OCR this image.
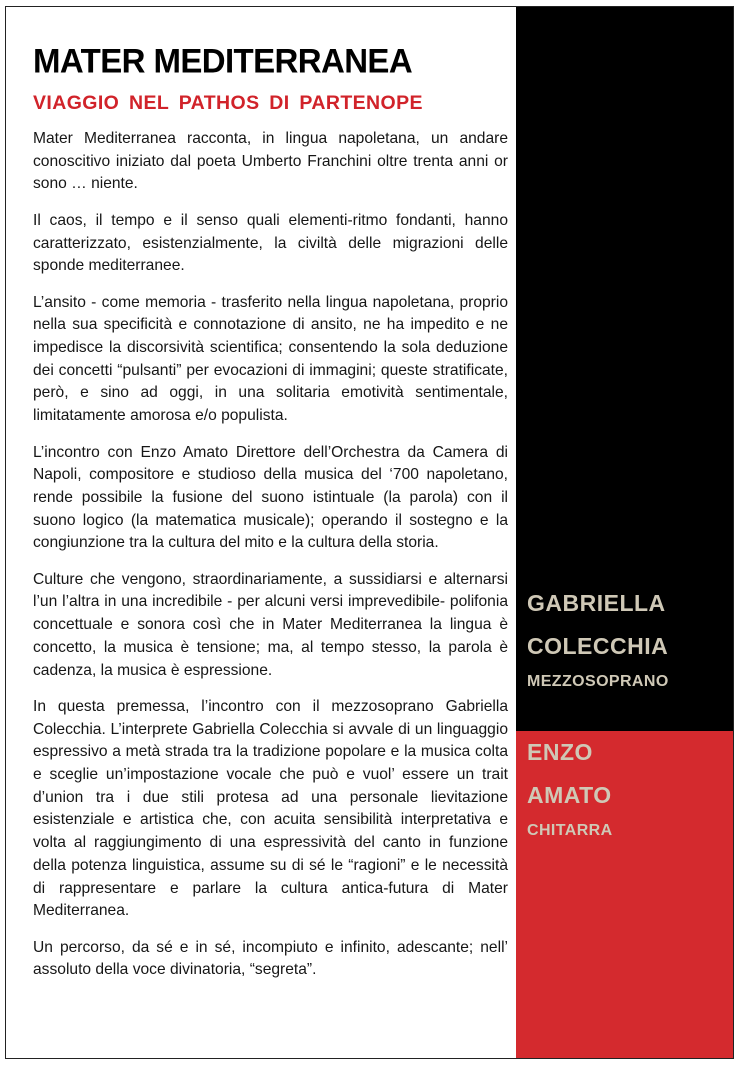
MATER MEDITERRANEA
VIAGGIO NEL PATHOS DI PARTENOPE

Mater Mediterranea racconta, in lingua napoletana, un andare conoscitivo iniziato dal poeta Umberto Franchini oltre trenta anni or sono … niente.

Il caos, il tempo e il senso quali elementi-ritmo fondanti, hanno caratterizzato, esistenzialmente, la civiltà delle migrazioni delle sponde mediterranee.

L’ansito - come memoria - trasferito nella lingua napoletana, proprio nella sua specificità e connotazione di ansito, ne ha impedito e ne impedisce la discorsività scientifica; consentendo la sola deduzione dei concetti “pulsanti” per evocazioni di immagini; queste stratificate, però, e sino ad oggi, in una solitaria emotività sentimentale, limitatamente amorosa e/o populista.

L’incontro con Enzo Amato Direttore dell’Orchestra da Camera di Napoli, compositore e studioso della musica del ‘700 napoletano, rende possibile la fusione del suono istintuale (la parola) con il suono logico (la matematica musicale); operando il sostegno e la congiunzione tra la cultura del mito e la cultura della storia.

Culture che vengono, straordinariamente, a sussidiarsi e alternarsi l’un l’altra in una incredibile - per alcuni versi imprevedibile- polifonia concettuale e sonora così che in Mater Mediterranea la lingua è concetto, la musica è tensione; ma, al tempo stesso, la parola è cadenza, la musica è espressione.

In questa premessa, l’incontro con il mezzosoprano Gabriella Colecchia. L’interprete Gabriella Colecchia si avvale di un linguaggio espressivo a metà strada tra la tradizione popolare e la musica colta e sceglie un’impostazione vocale che può e vuol’ essere un trait d’union tra i due stili protesa ad una personale lievitazione esistenziale e artistica che, con acuita sensibilità interpretativa e volta al raggiungimento di una espressività del canto in funzione della potenza linguistica, assume su di sé le “ragioni” e le necessità di rappresentare e parlare la cultura antica-futura di Mater Mediterranea.

Un percorso, da sé e in sé, incompiuto e infinito, adescante; nell’ assoluto della voce divinatoria, “segreta”.

GABRIELLA
COLECCHIA
MEZZOSOPRANO
ENZO
AMATO
CHITARRA
